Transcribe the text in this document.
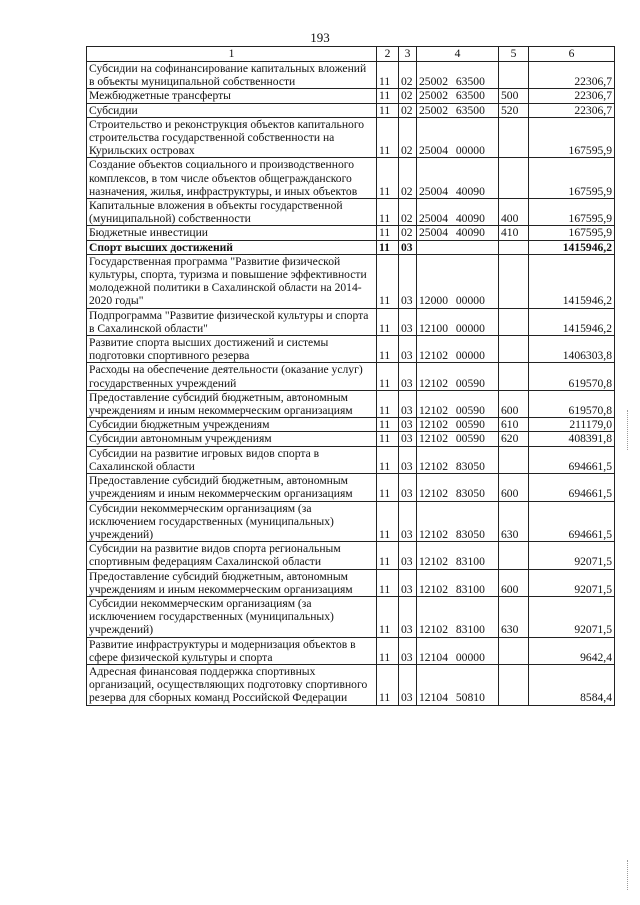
193
1	2	3	4	5	6
Субсидии на софинансирование капитальных вложений в объекты муниципальной собственности	11	02	25002 63500		22306,7
Межбюджетные трансферты	11	02	25002 63500	500	22306,7
Субсидии	11	02	25002 63500	520	22306,7
Строительство и реконструкция объектов капитального строительства государственной собственности на Курильских островах	11	02	25004 00000		167595,9
Создание объектов социального и производственного комплексов, в том числе объектов общегражданского назначения, жилья, инфраструктуры, и иных объектов	11	02	25004 40090		167595,9
Капитальные вложения в объекты государственной (муниципальной) собственности	11	02	25004 40090	400	167595,9
Бюджетные инвестиции	11	02	25004 40090	410	167595,9
Спорт высших достижений	11	03			1415946,2
Государственная программа "Развитие физической культуры, спорта, туризма и повышение эффективности молодежной политики в Сахалинской области на 2014-2020 годы"	11	03	12000 00000		1415946,2
Подпрограмма "Развитие физической культуры и спорта в Сахалинской области"	11	03	12100 00000		1415946,2
Развитие спорта высших достижений и системы подготовки спортивного резерва	11	03	12102 00000		1406303,8
Расходы на обеспечение деятельности (оказание услуг) государственных учреждений	11	03	12102 00590		619570,8
Предоставление субсидий бюджетным, автономным учреждениям и иным некоммерческим организациям	11	03	12102 00590	600	619570,8
Субсидии бюджетным учреждениям	11	03	12102 00590	610	211179,0
Субсидии автономным учреждениям	11	03	12102 00590	620	408391,8
Субсидии на развитие игровых видов спорта в Сахалинской области	11	03	12102 83050		694661,5
Предоставление субсидий бюджетным, автономным учреждениям и иным некоммерческим организациям	11	03	12102 83050	600	694661,5
Субсидии некоммерческим организациям (за исключением государственных (муниципальных) учреждений)	11	03	12102 83050	630	694661,5
Субсидии на развитие видов спорта региональным спортивным федерациям Сахалинской области	11	03	12102 83100		92071,5
Предоставление субсидий бюджетным, автономным учреждениям и иным некоммерческим организациям	11	03	12102 83100	600	92071,5
Субсидии некоммерческим организациям (за исключением государственных (муниципальных) учреждений)	11	03	12102 83100	630	92071,5
Развитие инфраструктуры и модернизация объектов в сфере физической культуры и спорта	11	03	12104 00000		9642,4
Адресная финансовая поддержка спортивных организаций, осуществляющих подготовку спортивного резерва для сборных команд Российской Федерации	11	03	12104 50810		8584,4
